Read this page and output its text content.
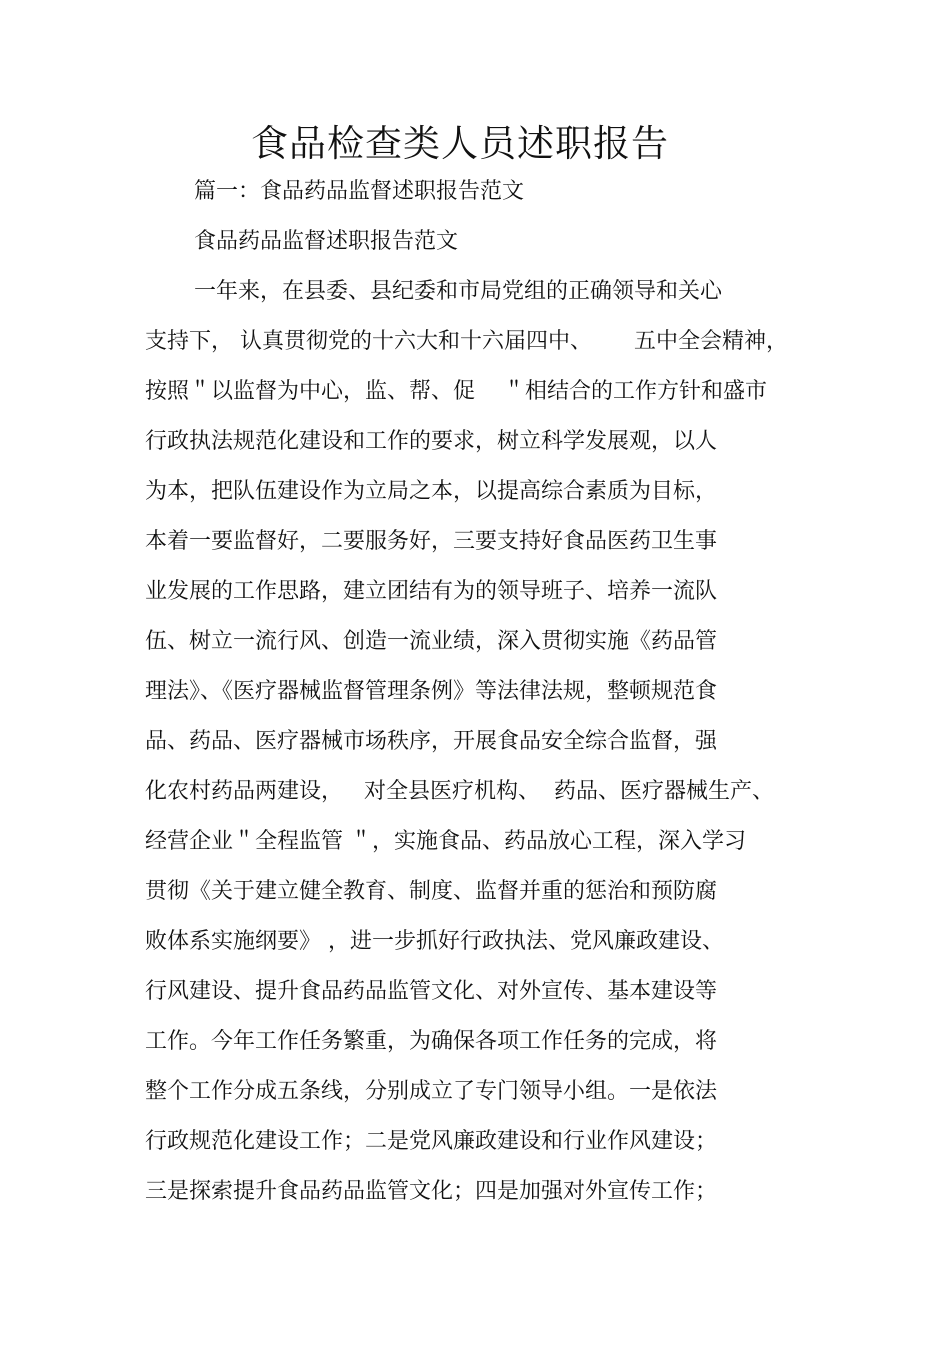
食品检查类人员述职报告

篇一：食品药品监督述职报告范文

食品药品监督述职报告范文

一年来，在县委、县纪委和市局党组的正确领导和关心

支持下， 认真贯彻党的十六大和十六届四中、      五中全会精神，

按照＂以监督为中心，监、帮、促    ＂相结合的工作方针和盛市

行政执法规范化建设和工作的要求，树立科学发展观，以人

为本，把队伍建设作为立局之本，以提高综合素质为目标，

本着一要监督好，二要服务好，三要支持好食品医药卫生事

业发展的工作思路，建立团结有为的领导班子、培养一流队

伍、树立一流行风、创造一流业绩，深入贯彻实施《药品管

理法》、《医疗器械监督管理条例》等法律法规，整顿规范食

品、药品、医疗器械市场秩序，开展食品安全综合监督，强

化农村药品两建设，   对全县医疗机构、  药品、医疗器械生产、

经营企业＂全程监管 ＂，实施食品、药品放心工程，深入学习

贯彻《关于建立健全教育、制度、监督并重的惩治和预防腐

败体系实施纲要》 ，进一步抓好行政执法、党风廉政建设、

行风建设、提升食品药品监管文化、对外宣传、基本建设等

工作。今年工作任务繁重，为确保各项工作任务的完成，将

整个工作分成五条线，分别成立了专门领导小组。一是依法

行政规范化建设工作；二是党风廉政建设和行业作风建设；

三是探索提升食品药品监管文化；四是加强对外宣传工作；
